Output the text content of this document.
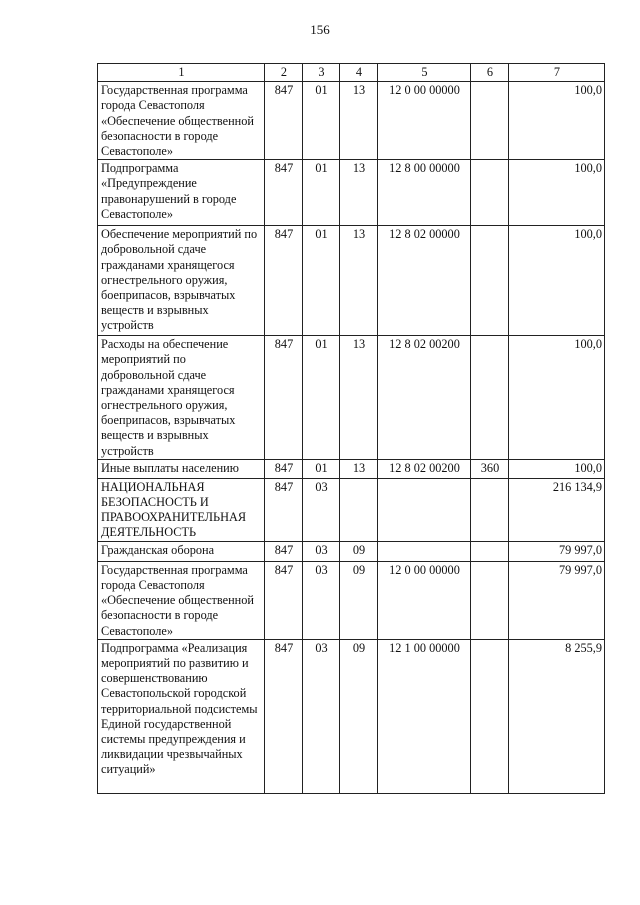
156
1	2	3	4	5	6	7
Государственная программа города Севастополя «Обеспечение общественной безопасности в городе Севастополе»	847	01	13	12 0 00 00000		100,0
Подпрограмма «Предупреждение правонарушений в городе Севастополе»	847	01	13	12 8 00 00000		100,0
Обеспечение мероприятий по добровольной сдаче гражданами хранящегося огнестрельного оружия, боеприпасов, взрывчатых веществ и взрывных устройств	847	01	13	12 8 02 00000		100,0
Расходы на обеспечение мероприятий по добровольной сдаче гражданами хранящегося огнестрельного оружия, боеприпасов, взрывчатых веществ и взрывных устройств	847	01	13	12 8 02 00200		100,0
Иные выплаты населению	847	01	13	12 8 02 00200	360	100,0
НАЦИОНАЛЬНАЯ БЕЗОПАСНОСТЬ И ПРАВООХРАНИТЕЛЬНАЯ ДЕЯТЕЛЬНОСТЬ	847	03				216 134,9
Гражданская оборона	847	03	09			79 997,0
Государственная программа города Севастополя «Обеспечение общественной безопасности в городе Севастополе»	847	03	09	12 0 00 00000		79 997,0
Подпрограмма «Реализация мероприятий по развитию и совершенствованию Севастопольской городской территориальной подсистемы Единой государственной системы предупреждения и ликвидации чрезвычайных ситуаций»	847	03	09	12 1 00 00000		8 255,9
